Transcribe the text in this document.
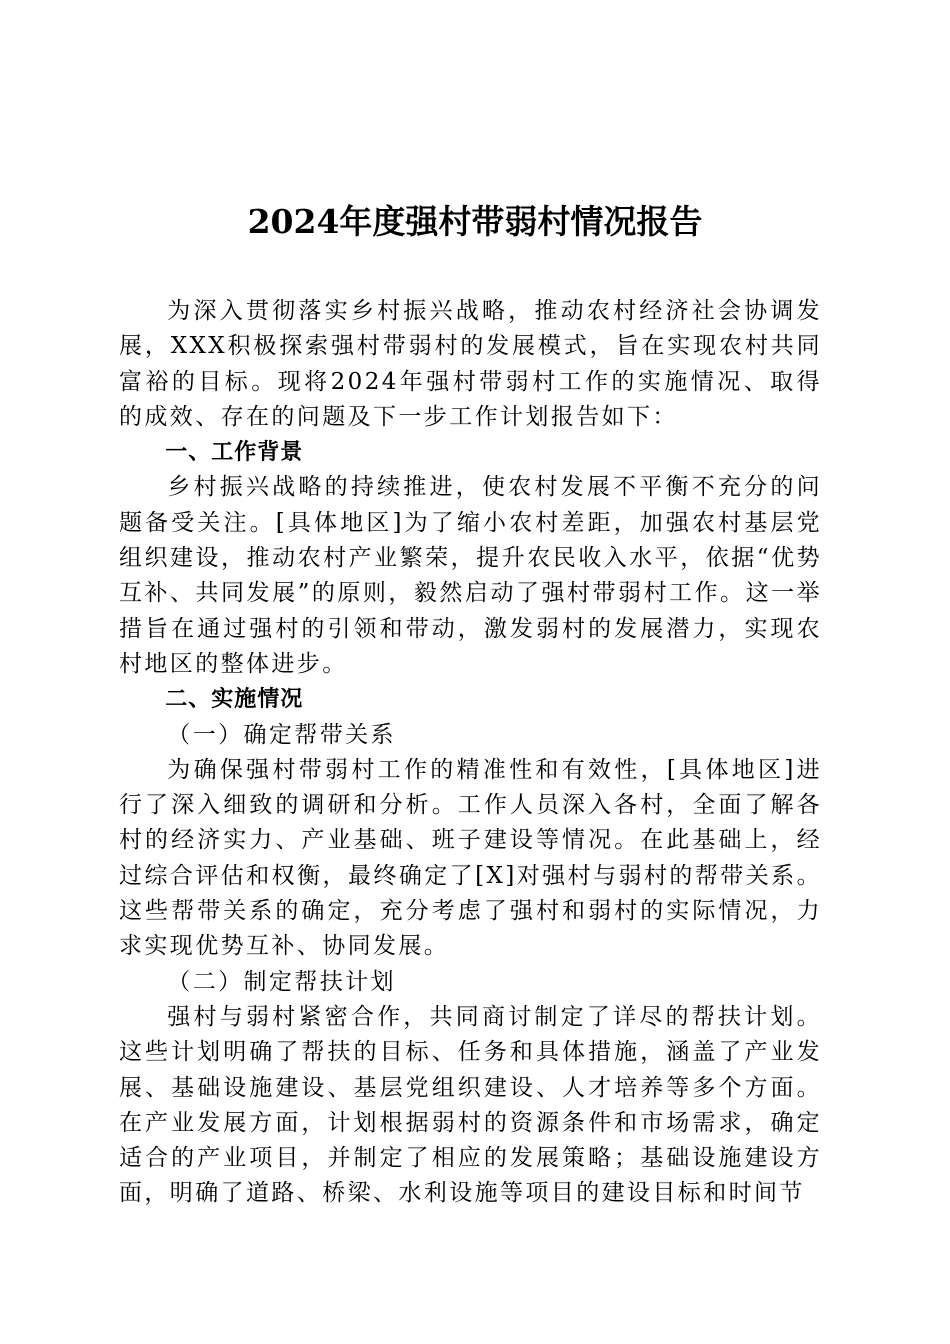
2024年度强村带弱村情况报告

为深入贯彻落实乡村振兴战略，推动农村经济社会协调发展，XXX积极探索强村带弱村的发展模式，旨在实现农村共同富裕的目标。现将2024年强村带弱村工作的实施情况、取得的成效、存在的问题及下一步工作计划报告如下：

一、工作背景

乡村振兴战略的持续推进，使农村发展不平衡不充分的问题备受关注。[具体地区]为了缩小农村差距，加强农村基层党组织建设，推动农村产业繁荣，提升农民收入水平，依据“优势互补、共同发展”的原则，毅然启动了强村带弱村工作。这一举措旨在通过强村的引领和带动，激发弱村的发展潜力，实现农村地区的整体进步。

二、实施情况

（一）确定帮带关系

为确保强村带弱村工作的精准性和有效性，[具体地区]进行了深入细致的调研和分析。工作人员深入各村，全面了解各村的经济实力、产业基础、班子建设等情况。在此基础上，经过综合评估和权衡，最终确定了[X]对强村与弱村的帮带关系。这些帮带关系的确定，充分考虑了强村和弱村的实际情况，力求实现优势互补、协同发展。

（二）制定帮扶计划

强村与弱村紧密合作，共同商讨制定了详尽的帮扶计划。这些计划明确了帮扶的目标、任务和具体措施，涵盖了产业发展、基础设施建设、基层党组织建设、人才培养等多个方面。在产业发展方面，计划根据弱村的资源条件和市场需求，确定适合的产业项目，并制定了相应的发展策略；基础设施建设方面，明确了道路、桥梁、水利设施等项目的建设目标和时间节
